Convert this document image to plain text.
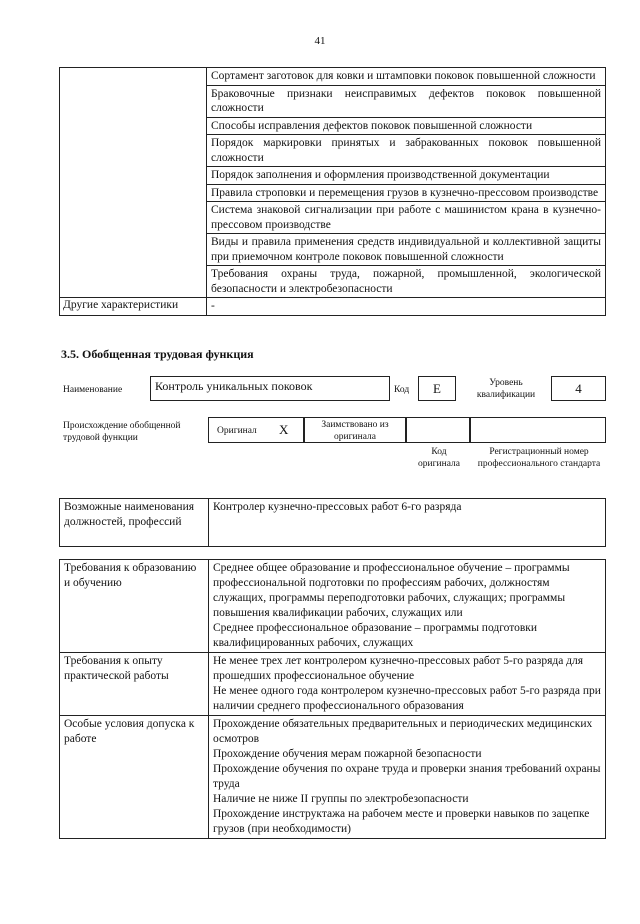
41
	Сортамент заготовок для ковки и штамповки поковок повышенной сложности
	Браковочные признаки неисправимых дефектов поковок повышенной сложности
	Способы исправления дефектов поковок повышенной сложности
	Порядок маркировки принятых и забракованных поковок повышенной сложности
	Порядок заполнения и оформления производственной документации
	Правила строповки и перемещения грузов в кузнечно-прессовом производстве
	Система знаковой сигнализации при работе с машинистом крана в кузнечно-прессовом производстве
	Виды и правила применения средств индивидуальной и коллективной защиты при приемочном контроле поковок повышенной сложности
	Требования охраны труда, пожарной, промышленной, экологической безопасности и электробезопасности
Другие характеристики	-
3.5. Обобщенная трудовая функция
Наименование	Контроль уникальных поковок	Код	E	Уровень квалификации	4
Происхождение обобщенной трудовой функции
Оригинал X	Заимствовано из оригинала
Код оригинала
Регистрационный номер профессионального стандарта
Возможные наименования должностей, профессий	Контролер кузнечно-прессовых работ 6-го разряда
Требования к образованию и обучению	Среднее общее образование и профессиональное обучение – программы профессиональной подготовки по профессиям рабочих, должностям служащих, программы переподготовки рабочих, служащих; программы повышения квалификации рабочих, служащих или
Среднее профессиональное образование – программы подготовки квалифицированных рабочих, служащих

Требования к опыту практической работы	Не менее трех лет контролером кузнечно-прессовых работ 5-го разряда для прошедших профессиональное обучение
Не менее одного года контролером кузнечно-прессовых работ 5-го разряда при наличии среднего профессионального образования

Особые условия допуска к работе	Прохождение обязательных предварительных и периодических медицинских осмотров
Прохождение обучения мерам пожарной безопасности
Прохождение обучения по охране труда и проверки знания требований охраны труда
Наличие не ниже II группы по электробезопасности
Прохождение инструктажа на рабочем месте и проверки навыков по зацепке грузов (при необходимости)
